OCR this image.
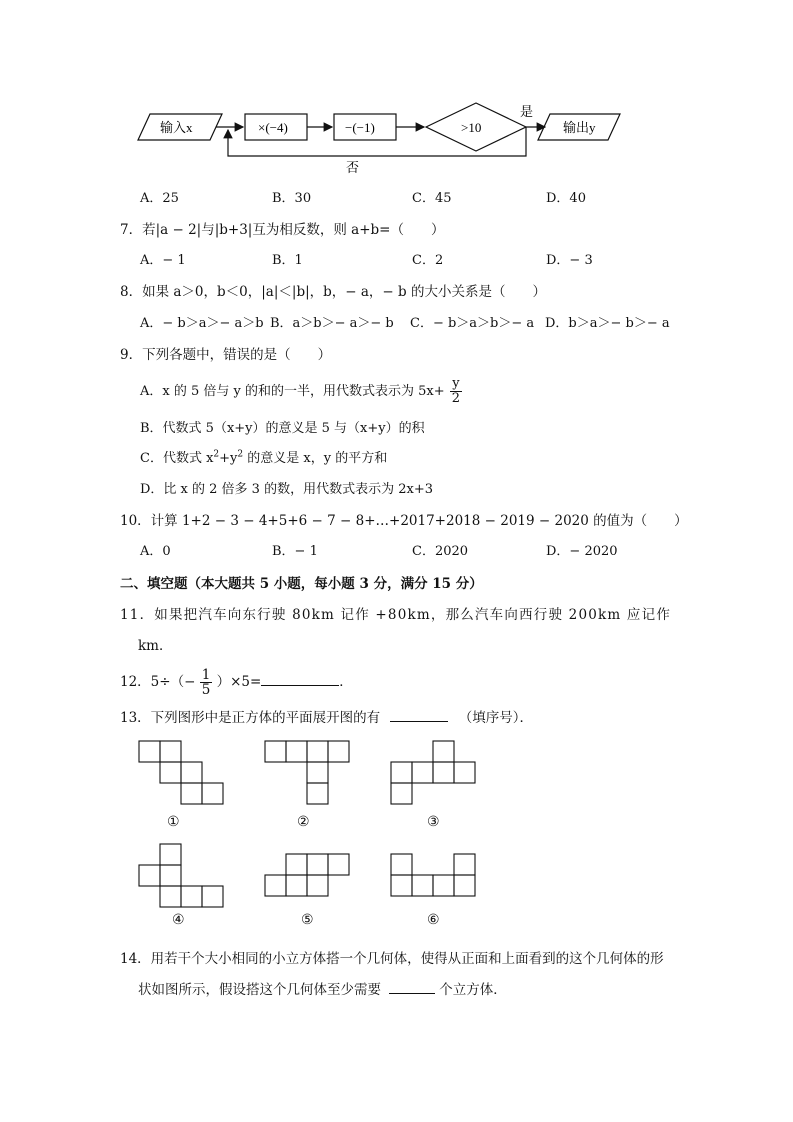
输入x	×(−4)	−(−1)	>10
是
输出y
否
A．25	B．30	C．45	D．40
7．若|a − 2|与|b+3|互为相反数，则 a+b=（　　）
A．− 1	B．1	C．2	D．− 3
8．如果 a＞0，b＜0，|a|＜|b|，b，− a，− b 的大小关系是（　　）
A．− b＞a＞− a＞b B．a＞b＞− a＞− b C．− b＞a＞b＞− a D．b＞a＞− b＞− a
9．下列各题中，错误的是（　　）
A．x 的 5 倍与 y 的和的一半，用代数式表示为 $5x+ \frac{y}{2}$
B．代数式 5（x+y）的意义是 5 与（x+y）的积
C．代数式 $x^2+y^2$ 的意义是 x，y 的平方和
D．比 x 的 2 倍多 3 的数，用代数式表示为 2x+3
10．计算 1+2 − 3 − 4+5+6 − 7 − 8+…+2017+2018 − 2019 − 2020 的值为（　　）
A．0	B．− 1	C．2020	D．− 2020
二、填空题（本大题共 5 小题，每小题 3 分，满分 15 分）
11．如果把汽车向东行驶 80km 记作 +80km，那么汽车向西行驶 200km 应记作
km．
12．$5\div(- \frac{1}{5} )\times 5=$	．
13．下列图形中是正方体的平面展开图的有	（填序号）．
①	②	③
④	⑤	⑥
14．用若干个大小相同的小立方体搭一个几何体，使得从正面和上面看到的这个几何体的形
状如图所示，假设搭这个几何体至少需要	个立方体．
